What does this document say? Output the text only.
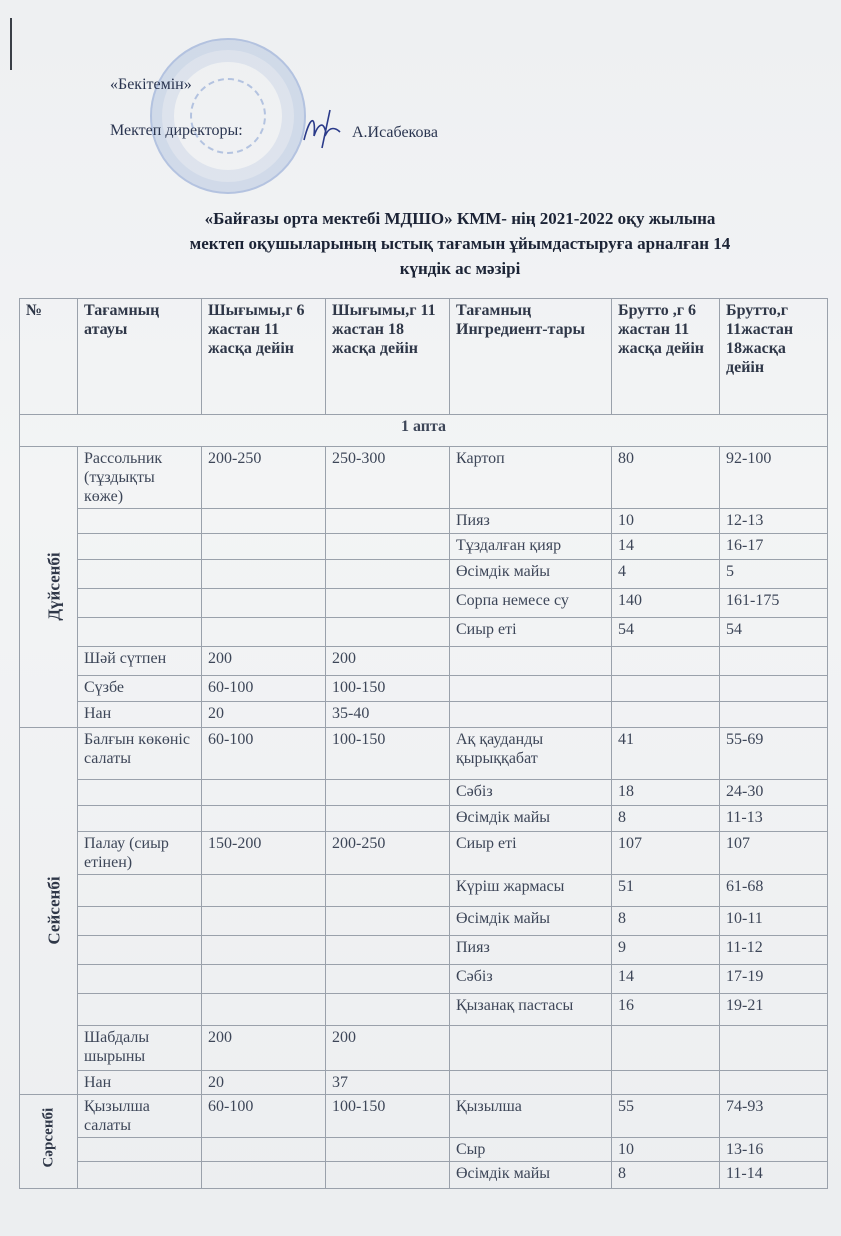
«Бекітемін»
Мектеп директоры:	А.Исабекова
«Байғазы орта мектебі МДШО» КММ- нің 2021-2022 оқу жылына
мектеп оқушыларының ыстық тағамын ұйымдастыруға арналған 14
күндік ас мәзірі
№	Тағамның атауы	Шығымы,г 6 жастан 11 жасқа дейін	Шығымы,г 11 жастан 18 жасқа дейін	Тағамның Ингредиент-тары	Брутто ,г 6 жастан 11 жасқа дейін	Брутто,г 11жастан 18жасқа дейін
1 апта						
Дүйсенбі	Рассольник (тұздықты көже)	200-250	250-300	Картоп	80	92-100
				Пияз	10	12-13
				Тұздалған қияр	14	16-17
				Өсімдік майы	4	5
				Сорпа немесе су	140	161-175
				Сиыр еті	54	54
	Шәй сүтпен	200	200			
	Сүзбе	60-100	100-150			
	Нан	20	35-40			
Сейсенбі	Балғын көкөніс салаты	60-100	100-150	Ақ қауданды қырыққабат	41	55-69
				Сәбіз	18	24-30
				Өсімдік майы	8	11-13
	Палау (сиыр етінен)	150-200	200-250	Сиыр еті	107	107
				Күріш жармасы	51	61-68
				Өсімдік майы	8	10-11
				Пияз	9	11-12
				Сәбіз	14	17-19
				Қызанақ пастасы	16	19-21
	Шабдалы шырыны	200	200			
	Нан	20	37			
Сәрсенбі	Қызылша салаты	60-100	100-150	Қызылша	55	74-93
				Сыр	10	13-16
				Өсімдік майы	8	11-14
